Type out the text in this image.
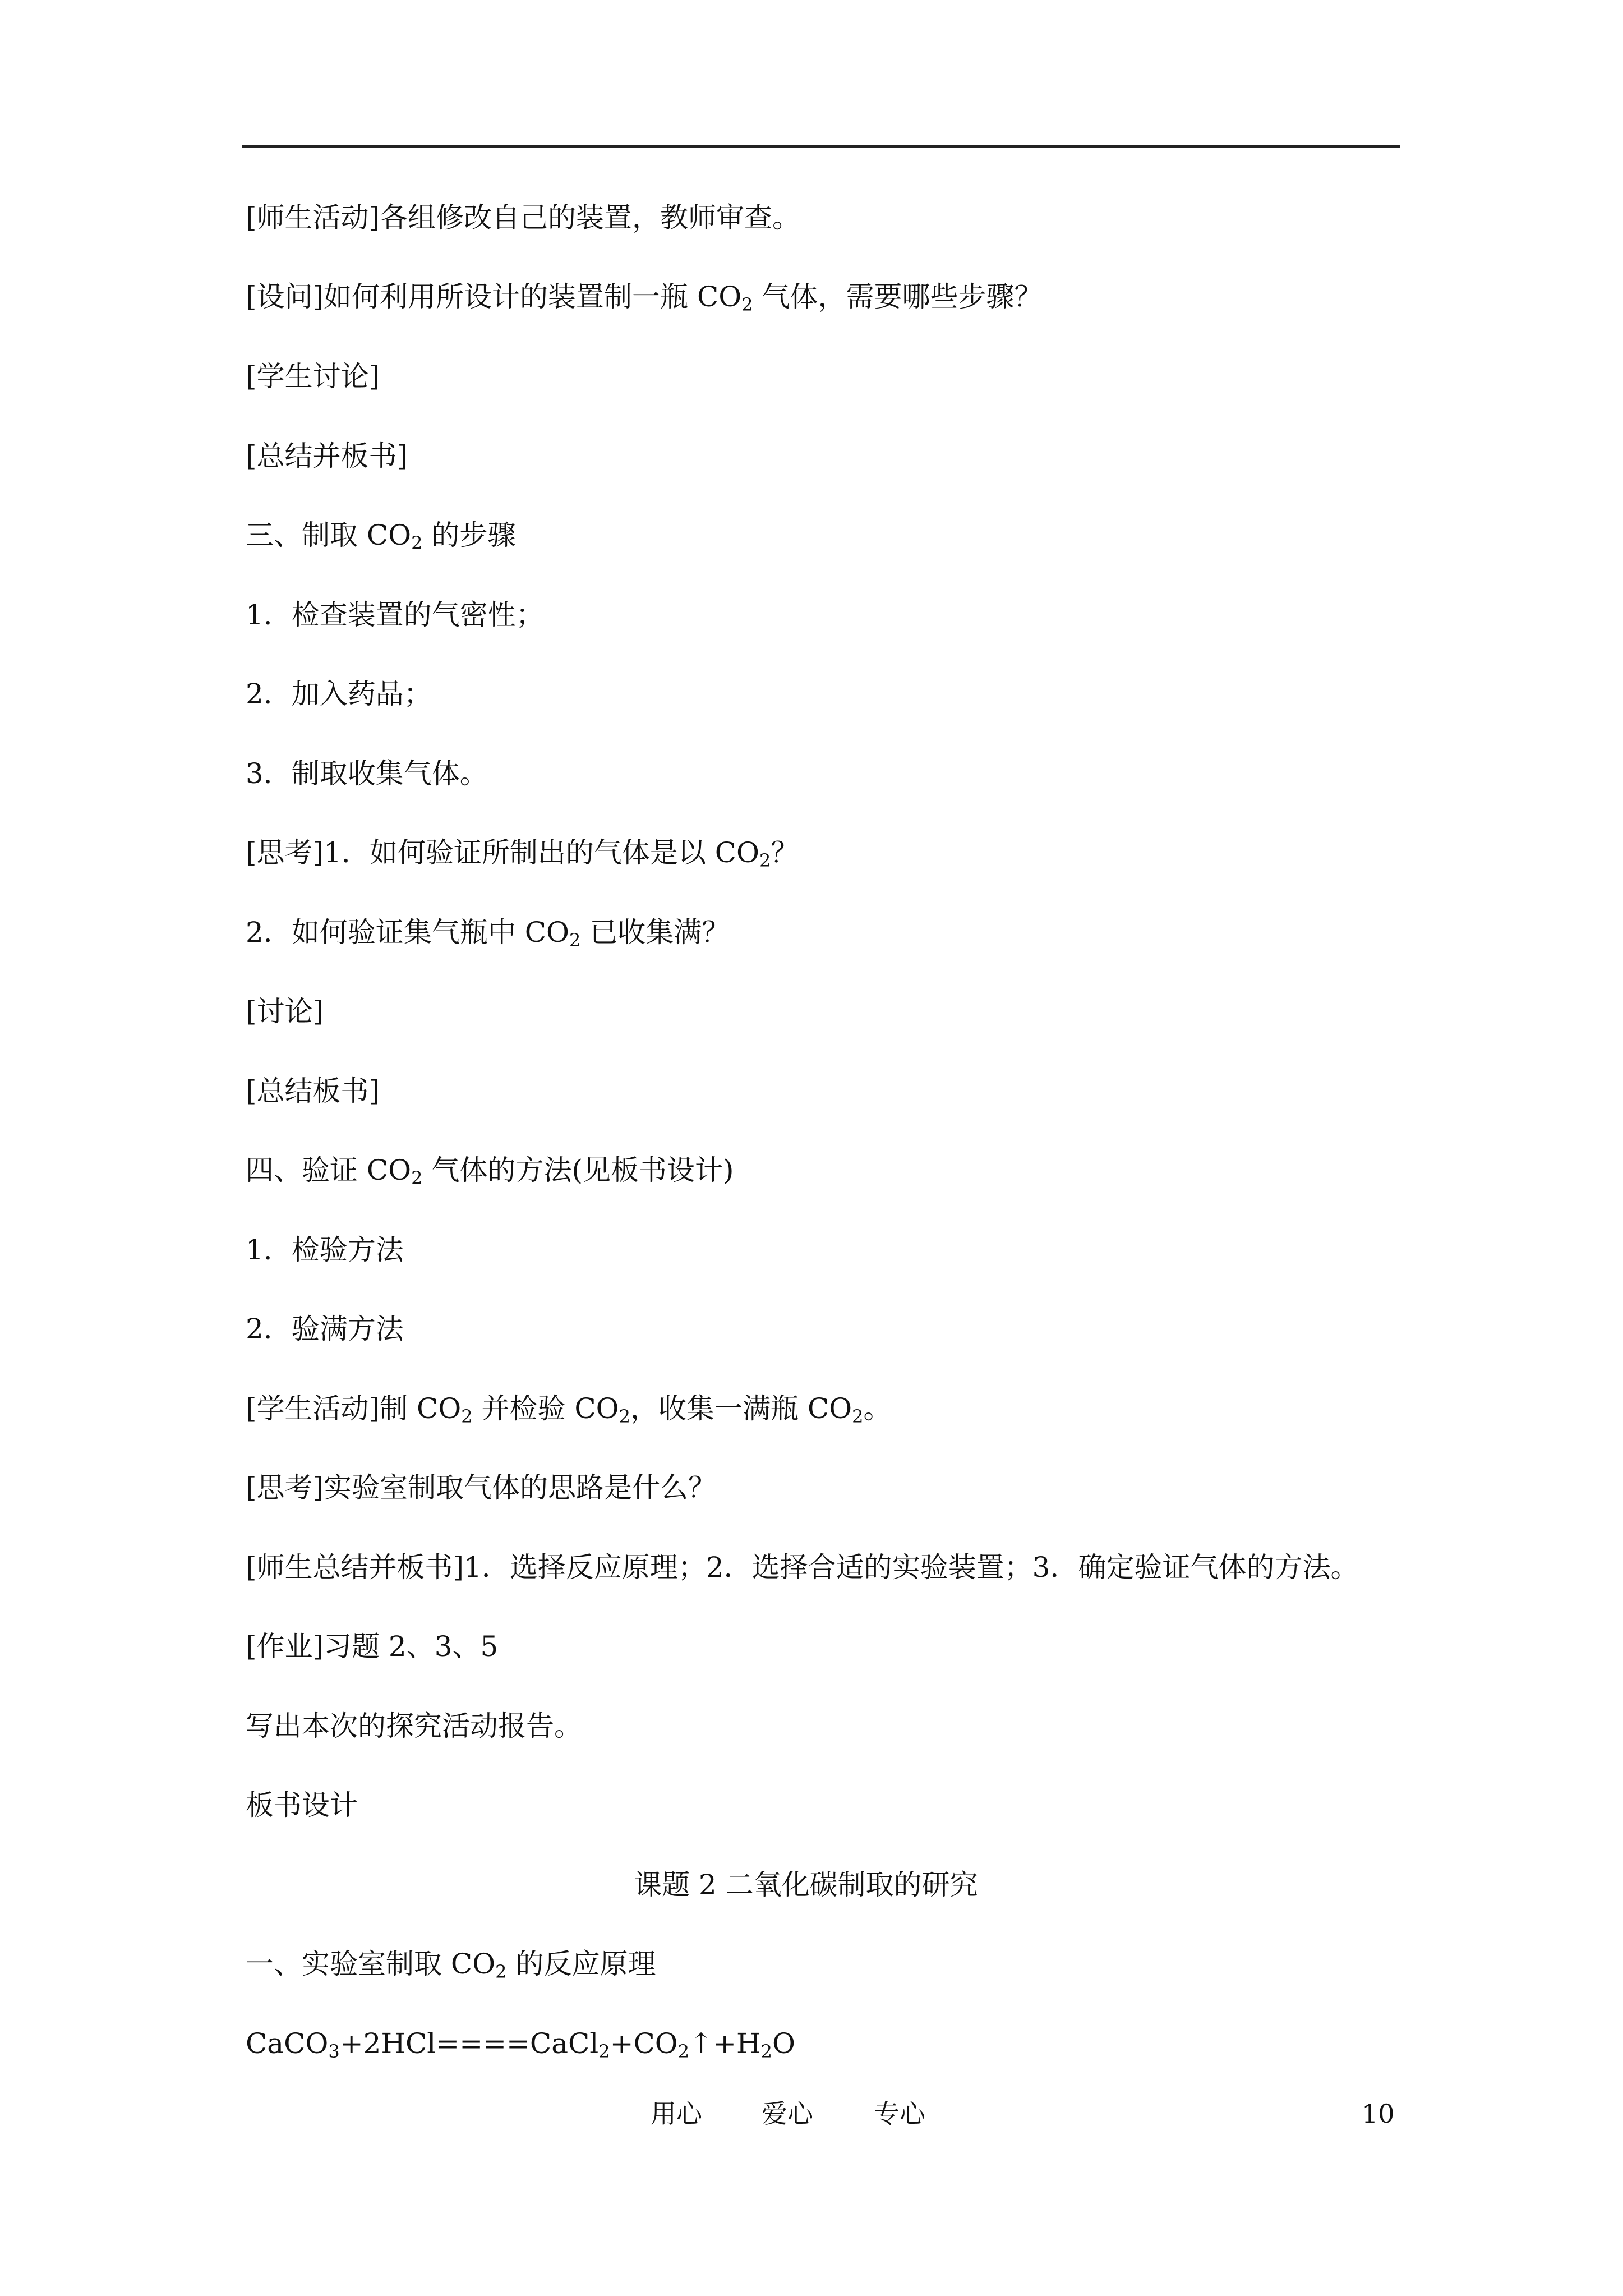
[师生活动]各组修改自己的装置，教师审查。
[设问]如何利用所设计的装置制一瓶 $CO_2$ 气体，需要哪些步骤？
[学生讨论]
[总结并板书]
三、制取 $CO_2$ 的步骤
1．检查装置的气密性；
2．加入药品；
3．制取收集气体。
[思考]1．如何验证所制出的气体是以 $CO_2$？
2．如何验证集气瓶中 $CO_2$ 已收集满？
[讨论]
[总结板书]
四、验证 $CO_2$ 气体的方法(见板书设计)
1．检验方法
2．验满方法
[学生活动]制 $CO_2$ 并检验 $CO_2$，收集一满瓶 $CO_2$。
[思考]实验室制取气体的思路是什么？
[师生总结并板书]1．选择反应原理；2．选择合适的实验装置；3．确定验证气体的方法。
[作业]习题 2、3、5
写出本次的探究活动报告。
板书设计
课题 2 二氧化碳制取的研究
一、实验室制取 $CO_2$ 的反应原理
$CaCO_3+2HCl====CaCl_2+CO_2↑+H_2O$
用心 爱心 专心	10
